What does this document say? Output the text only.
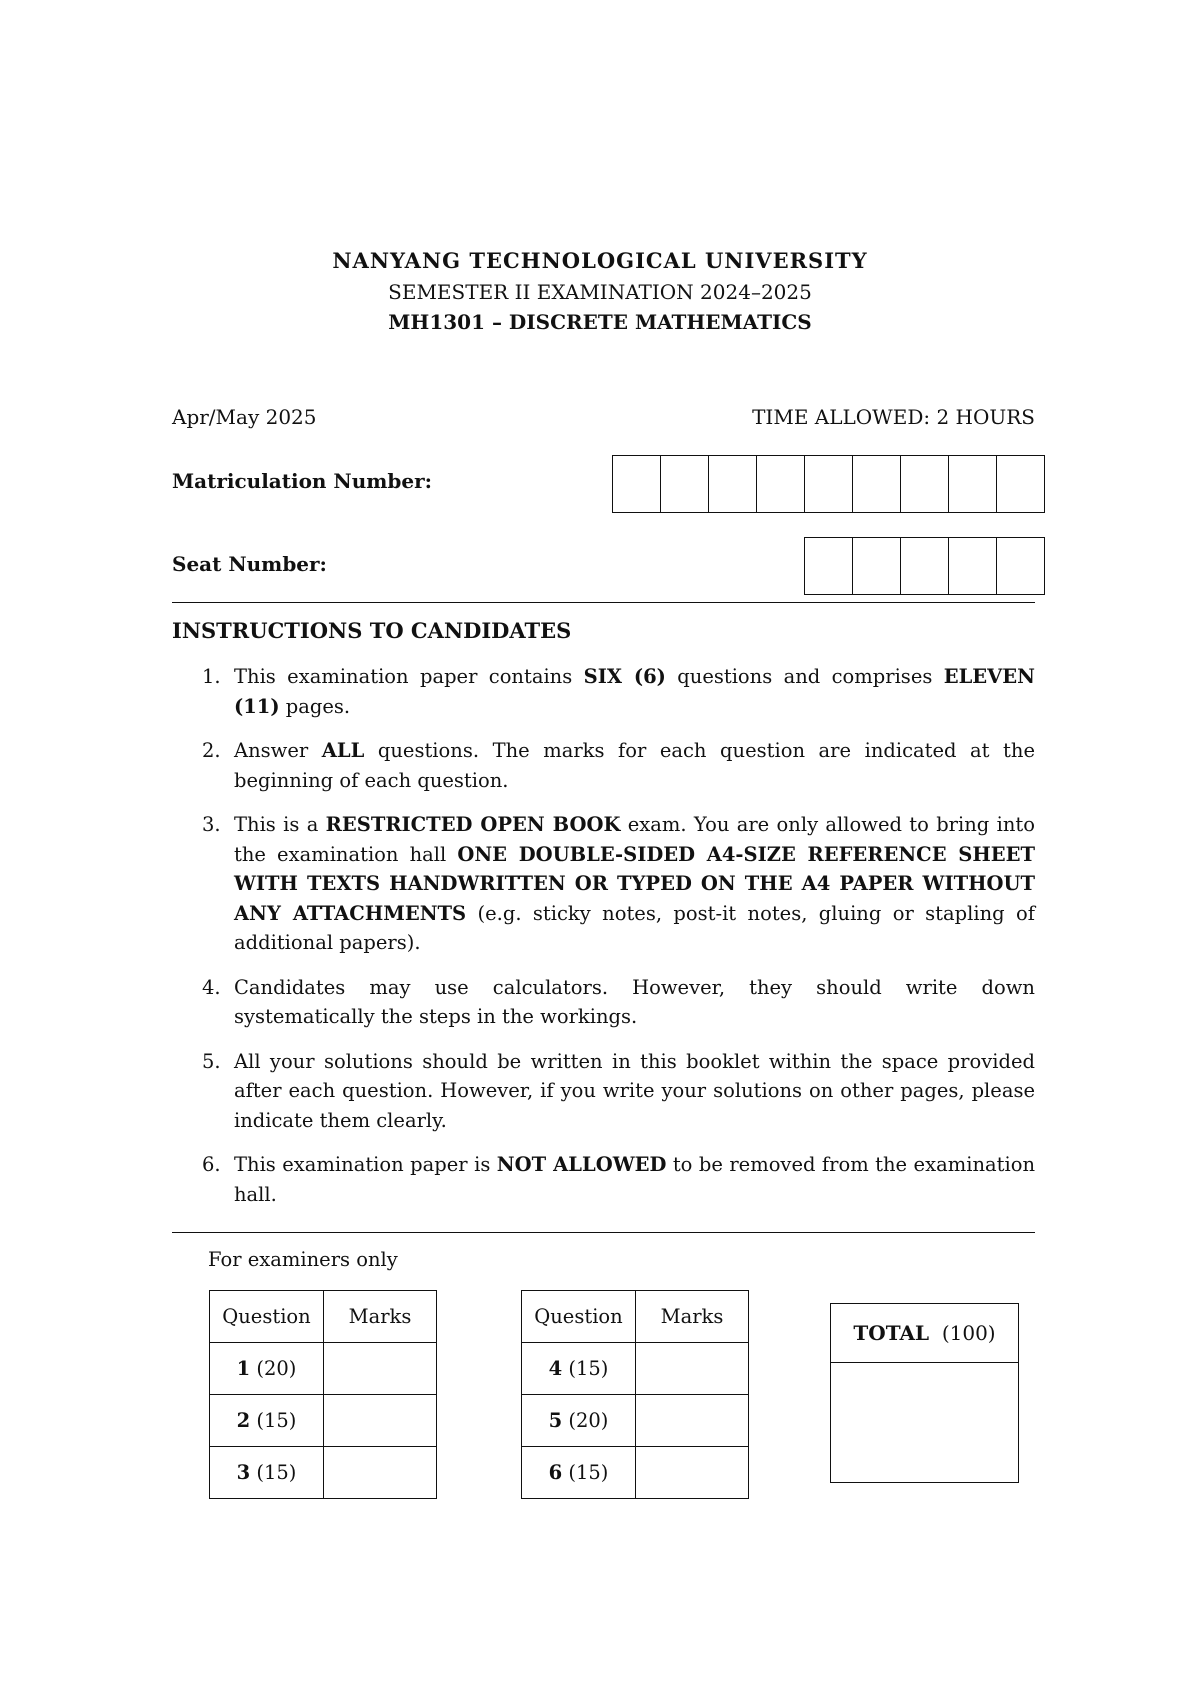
NANYANG TECHNOLOGICAL UNIVERSITY
SEMESTER II EXAMINATION 2024–2025
MH1301 – DISCRETE MATHEMATICS
Apr/May 2025	TIME ALLOWED: 2 HOURS
Matriculation Number:
Seat Number:
INSTRUCTIONS TO CANDIDATES
1. This examination paper contains SIX (6) questions and comprises ELEVEN (11) pages.
2. Answer ALL questions. The marks for each question are indicated at the beginning of each question.
3. This is a RESTRICTED OPEN BOOK exam. You are only allowed to bring into the examination hall ONE DOUBLE-SIDED A4-SIZE REFERENCE SHEET WITH TEXTS HANDWRITTEN OR TYPED ON THE A4 PAPER WITHOUT ANY ATTACHMENTS (e.g. sticky notes, post-it notes, gluing or stapling of additional papers).
4. Candidates may use calculators. However, they should write down systematically the steps in the workings.
5. All your solutions should be written in this booklet within the space provided after each question. However, if you write your solutions on other pages, please indicate them clearly.
6. This examination paper is NOT ALLOWED to be removed from the examination hall.
For examiners only
Question	Marks
1 (20)	
2 (15)	
3 (15)	
Question	Marks
4 (15)	
5 (20)	
6 (15)	
TOTAL
(100)
